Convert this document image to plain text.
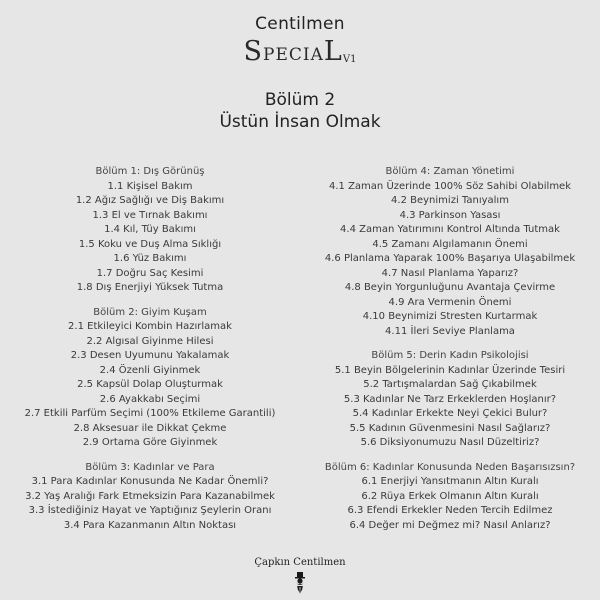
Centilmen
SPECIALV1
Bölüm 2
Üstün İnsan Olmak
Bölüm 1: Dış Görünüş
1.1 Kişisel Bakım
1.2 Ağız Sağlığı ve Diş Bakımı
1.3 El ve Tırnak Bakımı
1.4 Kıl, Tüy Bakımı
1.5 Koku ve Duş Alma Sıklığı
1.6 Yüz Bakımı
1.7 Doğru Saç Kesimi
1.8 Dış Enerjiyi Yüksek Tutma
Bölüm 2: Giyim Kuşam
2.1 Etkileyici Kombin Hazırlamak
2.2 Algısal Giyinme Hilesi
2.3 Desen Uyumunu Yakalamak
2.4 Özenli Giyinmek
2.5 Kapsül Dolap Oluşturmak
2.6 Ayakkabı Seçimi
2.7 Etkili Parfüm Seçimi (100% Etkileme Garantili)
2.8 Aksesuar ile Dikkat Çekme
2.9 Ortama Göre Giyinmek
Bölüm 3: Kadınlar ve Para
3.1 Para Kadınlar Konusunda Ne Kadar Önemli?
3.2 Yaş Aralığı Fark Etmeksizin Para Kazanabilmek
3.3 İstediğiniz Hayat ve Yaptığınız Şeylerin Oranı
3.4 Para Kazanmanın Altın Noktası
Bölüm 4: Zaman Yönetimi
4.1 Zaman Üzerinde 100% Söz Sahibi Olabilmek
4.2 Beynimizi Tanıyalım
4.3 Parkinson Yasası
4.4 Zaman Yatırımını Kontrol Altında Tutmak
4.5 Zamanı Algılamanın Önemi
4.6 Planlama Yaparak 100% Başarıya Ulaşabilmek
4.7 Nasıl Planlama Yaparız?
4.8 Beyin Yorgunluğunu Avantaja Çevirme
4.9 Ara Vermenin Önemi
4.10 Beynimizi Stresten Kurtarmak
4.11 İleri Seviye Planlama
Bölüm 5: Derin Kadın Psikolojisi
5.1 Beyin Bölgelerinin Kadınlar Üzerinde Tesiri
5.2 Tartışmalardan Sağ Çıkabilmek
5.3 Kadınlar Ne Tarz Erkeklerden Hoşlanır?
5.4 Kadınlar Erkekte Neyi Çekici Bulur?
5.5 Kadının Güvenmesini Nasıl Sağlarız?
5.6 Diksiyonumuzu Nasıl Düzeltiriz?
Bölüm 6: Kadınlar Konusunda Neden Başarısızsın?
6.1 Enerjiyi Yansıtmanın Altın Kuralı
6.2 Rüya Erkek Olmanın Altın Kuralı
6.3 Efendi Erkekler Neden Tercih Edilmez
6.4 Değer mi Değmez mi? Nasıl Anlarız?
Çapkın Centilmen
